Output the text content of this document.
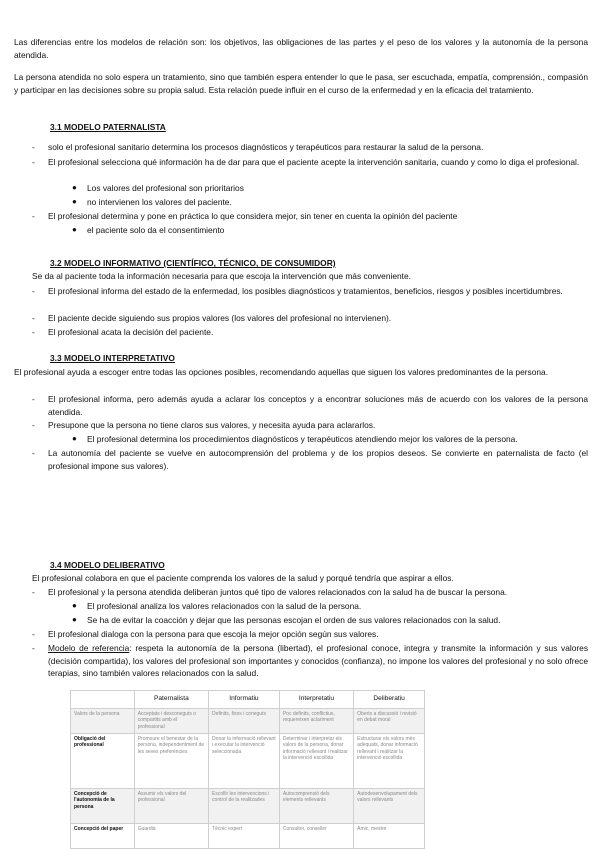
Las diferencias entre los modelos de relación son: los objetivos, las obligaciones de las partes y el peso de los valores y la autonomía de la persona atendida.

La persona atendida no solo espera un tratamiento, sino que también espera entender lo que le pasa, ser escuchada, empatía, comprensión., compasión y participar en las decisiones sobre su propia salud. Esta relación puede influir en el curso de la enfermedad y en la eficacia del tratamiento.

3.1 MODELO PATERNALISTA

- solo el profesional sanitario determina los procesos diagnósticos y terapéuticos para restaurar la salud de la persona.
- El profesional selecciona qué información ha de dar para que el paciente acepte la intervención sanitaria, cuando y como lo diga el profesional.
● Los valores del profesional son prioritarios
● no intervienen los valores del paciente.
- El profesional determina y pone en práctica lo que considera mejor, sin tener en cuenta la opinión del paciente
● el paciente solo da el consentimiento

3.2 MODELO INFORMATIVO (CIENTÍFICO, TÉCNICO, DE CONSUMIDOR)

Se da al paciente toda la información necesaria para que escoja la intervención que más conveniente.

- El profesional informa del estado de la enfermedad, los posibles diagnósticos y tratamientos, beneficios, riesgos y posibles incertidumbres.
- El paciente decide siguiendo sus propios valores (los valores del profesional no intervienen).
- El profesional acata la decisión del paciente.

3.3 MODELO INTERPRETATIVO

El profesional ayuda a escoger entre todas las opciones posibles, recomendando aquellas que siguen los valores predominantes de la persona.

- El profesional informa, pero además ayuda a aclarar los conceptos y a encontrar soluciones más de acuerdo con los valores de la persona atendida.
- Presupone que la persona no tiene claros sus valores, y necesita ayuda para aclararlos.
● El profesional determina los procedimientos diagnósticos y terapéuticos atendiendo mejor los valores de la persona.
- La autonomía del paciente se vuelve en autocomprensión del problema y de los propios deseos. Se convierte en paternalista de facto (el profesional impone sus valores).

3.4 MODELO DELIBERATIVO

El profesional colabora en que el paciente comprenda los valores de la salud y porqué tendría que aspirar a ellos.

- El profesional y la persona atendida deliberan juntos qué tipo de valores relacionados con la salud ha de buscar la persona.
● El profesional analiza los valores relacionados con la salud de la persona.
● Se ha de evitar la coacción y dejar que las personas escojan el orden de sus valores relacionados con la salud.
- El profesional dialoga con la persona para que escoja la mejor opción según sus valores.
- Modelo de referencia: respeta la autonomía de la persona (libertad), el profesional conoce, integra y transmite la información y sus valores (decisión compartida), los valores del profesional son importantes y conocidos (confianza), no impone los valores del profesional y no solo ofrece terapias, sino también valores relacionados con la salud.
	Paternalista	Informatiu	Interpretatiu	Deliberatiu
Valors de la persona	Acceptats i desconeguts o compartits amb el professional	Definits, fixos i coneguts	Poc definits, conflictius, requereixen aclariment	Oberts a discussió i revisió en debat moral
Obligació del professional	Promoure el benestar de la persona, independentment de les seves preferències	Donar la informació rellevant i executar la intervenció seleccionada	Determinar i interpretar els valors de la persona, donar informació rellevant i realitzar la intervenció escollida	Estructurar els valors més adequats, donar informació rellevant i realitzar la intervenció escollida
Concepció de l'autonomia de la persona	Assumir els valors del professional	Escollir les intervencions i control de la realitzades	Autocomprensió dels elements rellevants	Autodesenvolupament dels valors rellevants
Concepció del paper	Guardià	Tècnic expert	Consultor, conseller	Amic, mestre
